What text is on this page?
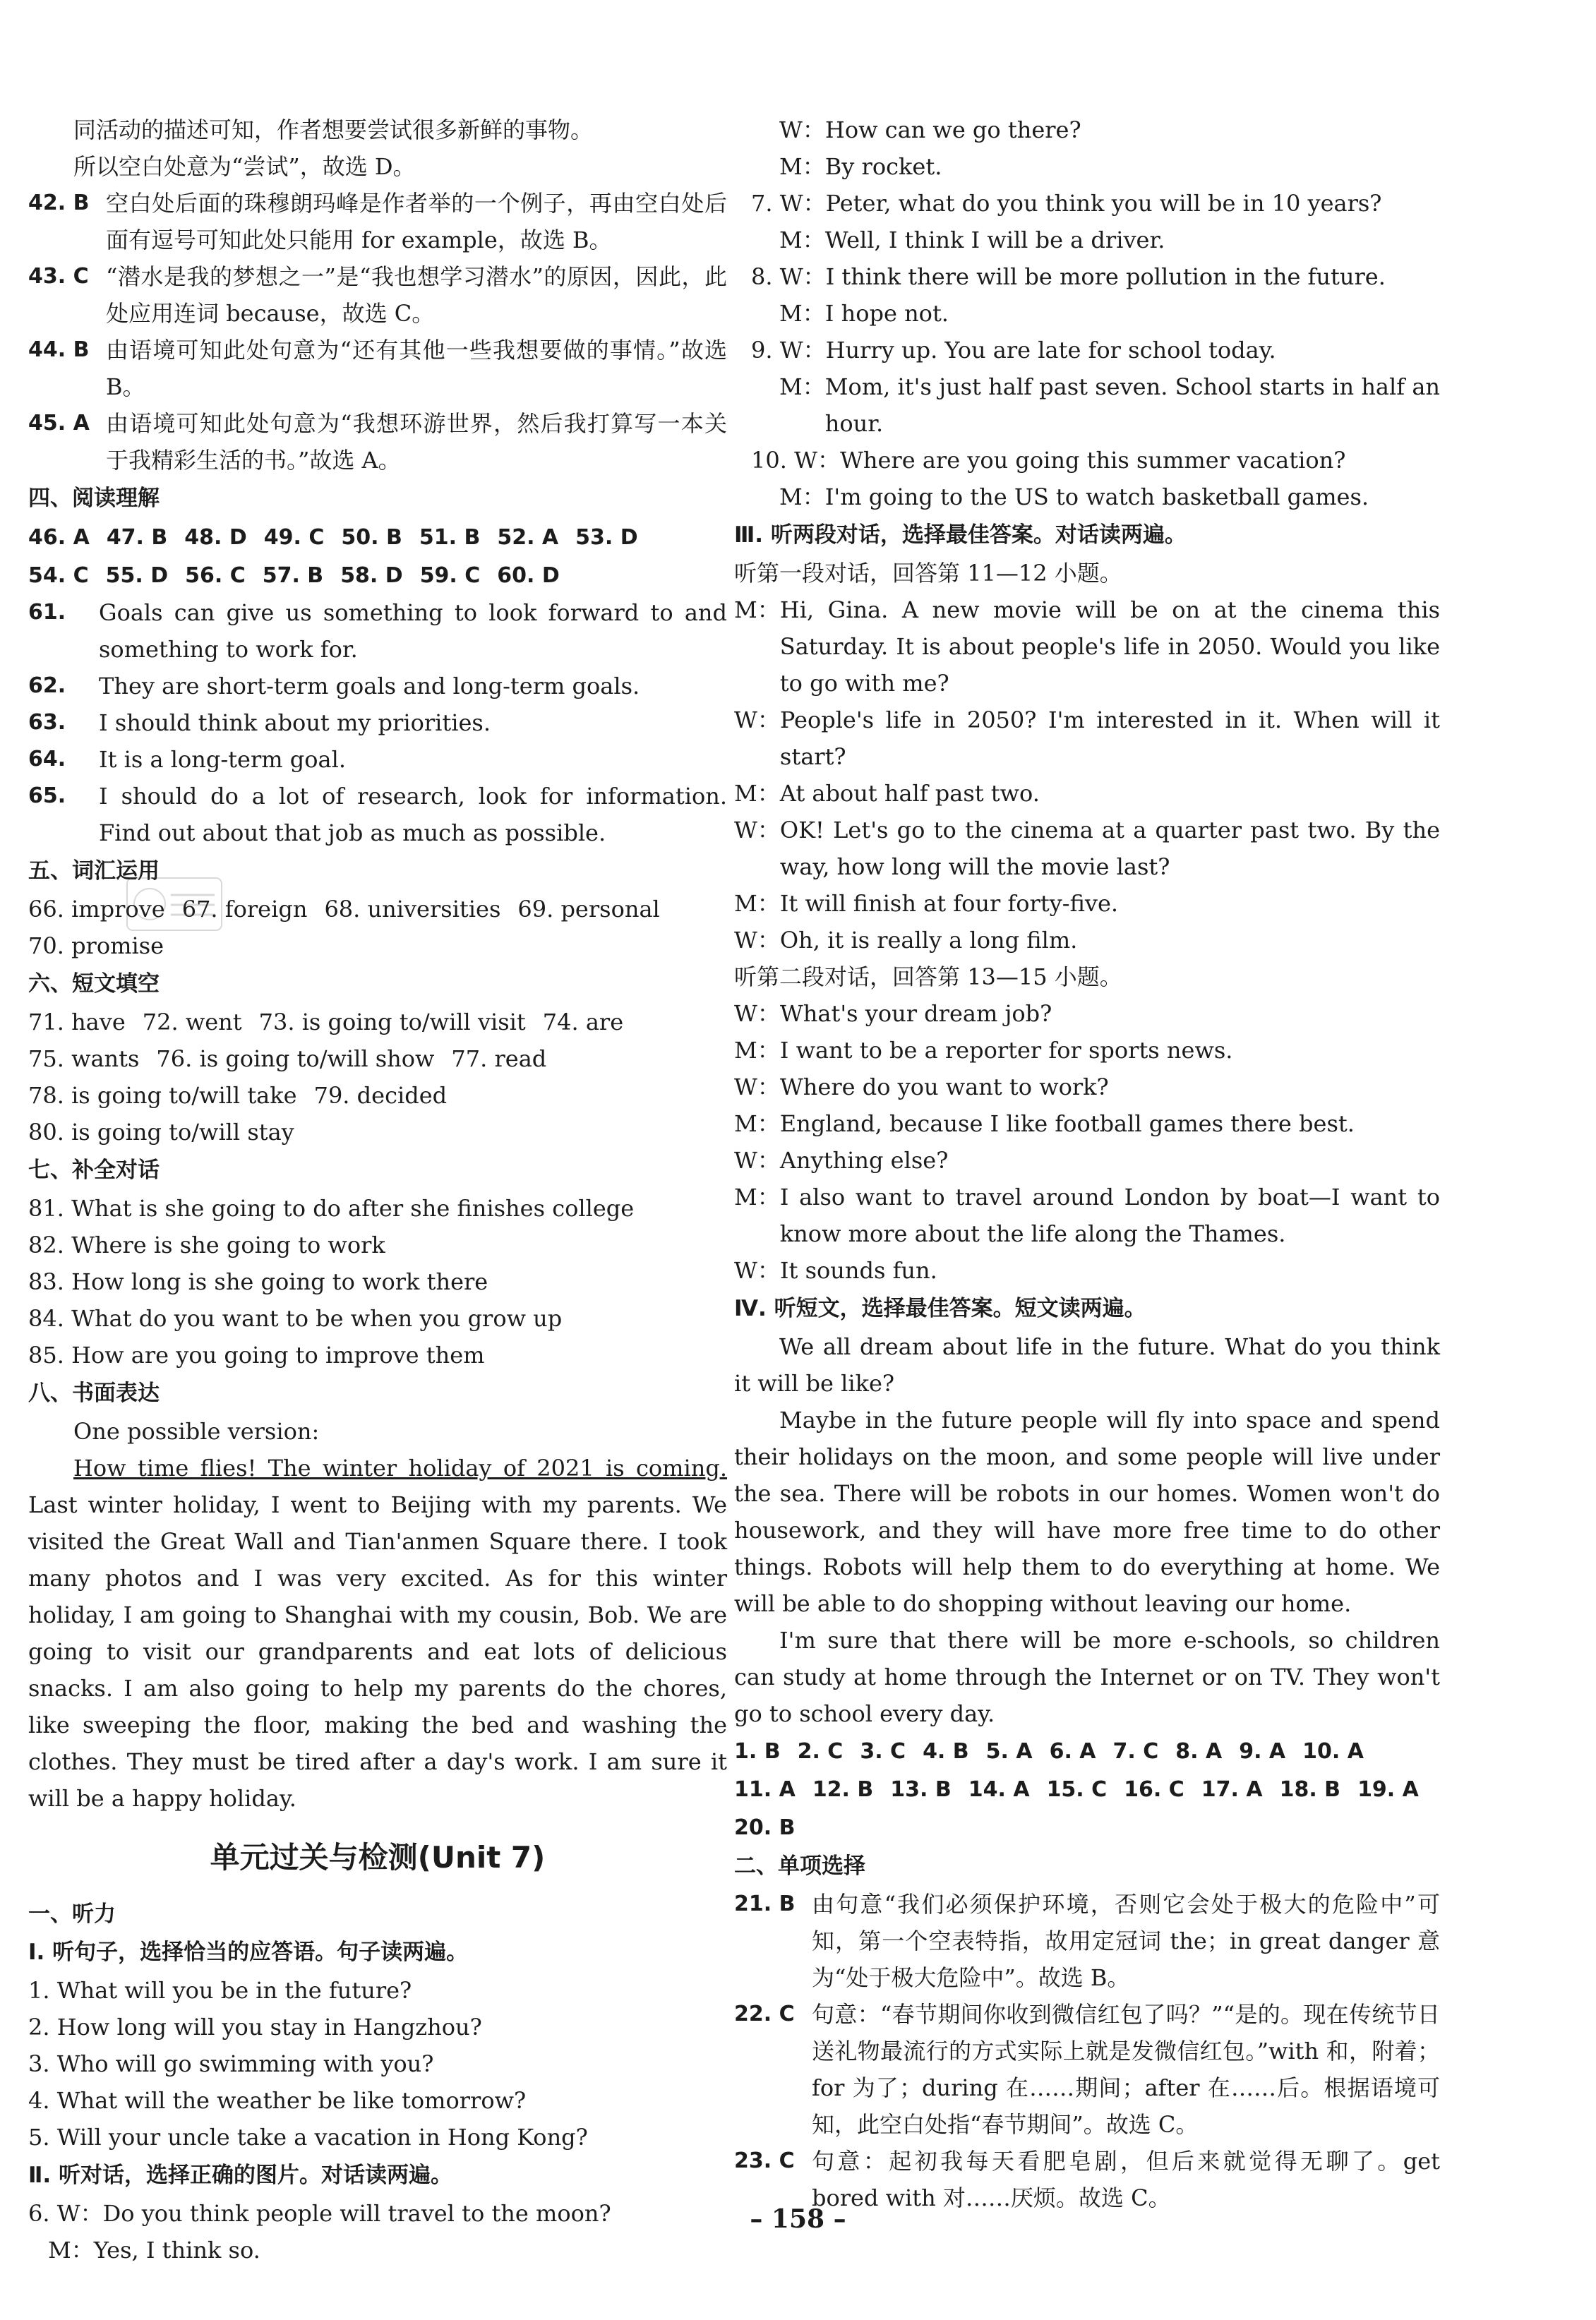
同活动的描述可知，作者想要尝试很多新鲜的事物。

所以空白处意为“尝试”，故选 D。

42. B 空白处后面的珠穆朗玛峰是作者举的一个例子，再由空白处后面有逗号可知此处只能用 for example，故选 B。
43. C “潜水是我的梦想之一”是“我也想学习潜水”的原因，因此，此处应用连词 because，故选 C。
44. B 由语境可知此处句意为“还有其他一些我想要做的事情。”故选 B。
45. A 由语境可知此处句意为“我想环游世界，然后我打算写一本关于我精彩生活的书。”故选 A。

四、阅读理解

46. A 47. B 48. D 49. C 50. B 51. B 52. A 53. D
54. C 55. D 56. C 57. B 58. D 59. C 60. D
61.	Goals can give us something to look forward to and something to work for.
62.	They are short-term goals and long-term goals.
63.	I should think about my priorities.
64.	It is a long-term goal.
65.	I should do a lot of research, look for information. Find out about that job as much as possible.

五、词汇运用

66. improve 67. foreign 68. universities 69. personal
70. promise

六、短文填空

71. have 72. went 73. is going to/will visit 74. are
75. wants 76. is going to/will show 77. read
78. is going to/will take 79. decided
80. is going to/will stay

七、补全对话

81. What is she going to do after she finishes college

82. Where is she going to work

83. How long is she going to work there

84. What do you want to be when you grow up

85. How are you going to improve them

八、书面表达

One possible version:

How time flies! The winter holiday of 2021 is coming. Last winter holiday, I went to Beijing with my parents. We visited the Great Wall and Tian'anmen Square there. I took many photos and I was very excited. As for this winter holiday, I am going to Shanghai with my cousin, Bob. We are going to visit our grandparents and eat lots of delicious snacks. I am also going to help my parents do the chores, like sweeping the floor, making the bed and washing the clothes. They must be tired after a day's work. I am sure it will be a happy holiday.

单元过关与检测(Unit 7)

一、听力

Ⅰ. 听句子，选择恰当的应答语。句子读两遍。

1. What will you be in the future?

2. How long will you stay in Hangzhou?

3. Who will go swimming with you?

4. What will the weather be like tomorrow?

5. Will your uncle take a vacation in Hong Kong?

Ⅱ. 听对话，选择正确的图片。对话读两遍。

6. W： Do you think people will travel to the moon?
M： Yes, I think so.
W： How can we go there?
M： By rocket.
7. W： Peter, what do you think you will be in 10 years?
M： Well, I think I will be a driver.
8. W： I think there will be more pollution in the future.
M： I hope not.
9. W： Hurry up. You are late for school today.
M： Mom, it's just half past seven. School starts in half an hour.
10. W： Where are you going this summer vacation?
M： I'm going to the US to watch basketball games.

Ⅲ. 听两段对话，选择最佳答案。对话读两遍。

听第一段对话，回答第 11—12 小题。

M： Hi, Gina. A new movie will be on at the cinema this Saturday. It is about people's life in 2050. Would you like to go with me?
W： People's life in 2050? I'm interested in it. When will it start?
M： At about half past two.
W： OK! Let's go to the cinema at a quarter past two. By the way, how long will the movie last?
M： It will finish at four forty-five.
W： Oh, it is really a long film.

听第二段对话，回答第 13—15 小题。

W： What's your dream job?
M： I want to be a reporter for sports news.
W： Where do you want to work?
M： England, because I like football games there best.
W： Anything else?
M： I also want to travel around London by boat—I want to know more about the life along the Thames.
W： It sounds fun.

Ⅳ. 听短文，选择最佳答案。短文读两遍。

We all dream about life in the future. What do you think it will be like?

Maybe in the future people will fly into space and spend their holidays on the moon, and some people will live under the sea. There will be robots in our homes. Women won't do housework, and they will have more free time to do other things. Robots will help them to do everything at home. We will be able to do shopping without leaving our home.

I'm sure that there will be more e-schools, so children can study at home through the Internet or on TV. They won't go to school every day.

1. B 2. C 3. C 4. B 5. A 6. A 7. C 8. A 9. A 10. A
11. A 12. B 13. B 14. A 15. C 16. C 17. A 18. B 19. A
20. B

二、单项选择

21. B 由句意“我们必须保护环境，否则它会处于极大的危险中”可知，第一个空表特指，故用定冠词 the；in great danger 意为“处于极大危险中”。故选 B。
22. C 句意：“春节期间你收到微信红包了吗？”“是的。现在传统节日送礼物最流行的方式实际上就是发微信红包。”with 和，附着；for 为了；during 在……期间；after 在……后。根据语境可知，此空白处指“春节期间”。故选 C。
23. C 句意：起初我每天看肥皂剧，但后来就觉得无聊了。get bored with 对……厌烦。故选 C。
– 158 –
